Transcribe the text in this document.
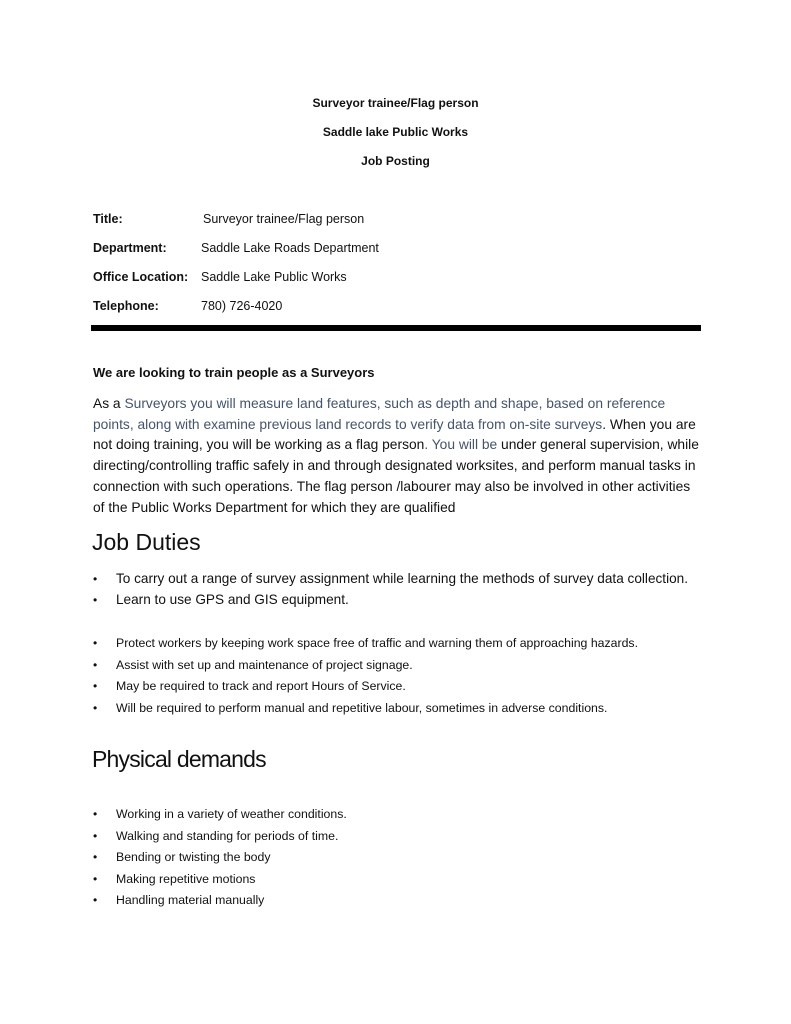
Surveyor trainee/Flag person
Saddle lake Public Works
Job Posting
Title:	Surveyor trainee/Flag person
Department:	Saddle Lake Roads Department
Office Location: Saddle Lake Public Works
Telephone:	780) 726-4020
We are looking to train people as a Surveyors

As a Surveyors you will measure land features, such as depth and shape, based on reference points, along with examine previous land records to verify data from on-site surveys. When you are not doing training, you will be working as a flag person. You will be under general supervision, while directing/controlling traffic safely in and through designated worksites, and perform manual tasks in connection with such operations. The flag person /labourer may also be involved in other activities of the Public Works Department for which they are qualified

Job Duties
• To carry out a range of survey assignment while learning the methods of survey data collection.
• Learn to use GPS and GIS equipment.
• Protect workers by keeping work space free of traffic and warning them of approaching hazards.
• Assist with set up and maintenance of project signage.
• May be required to track and report Hours of Service.
• Will be required to perform manual and repetitive labour, sometimes in adverse conditions.
Physical demands
• Working in a variety of weather conditions.
• Walking and standing for periods of time.
• Bending or twisting the body
• Making repetitive motions
• Handling material manually
